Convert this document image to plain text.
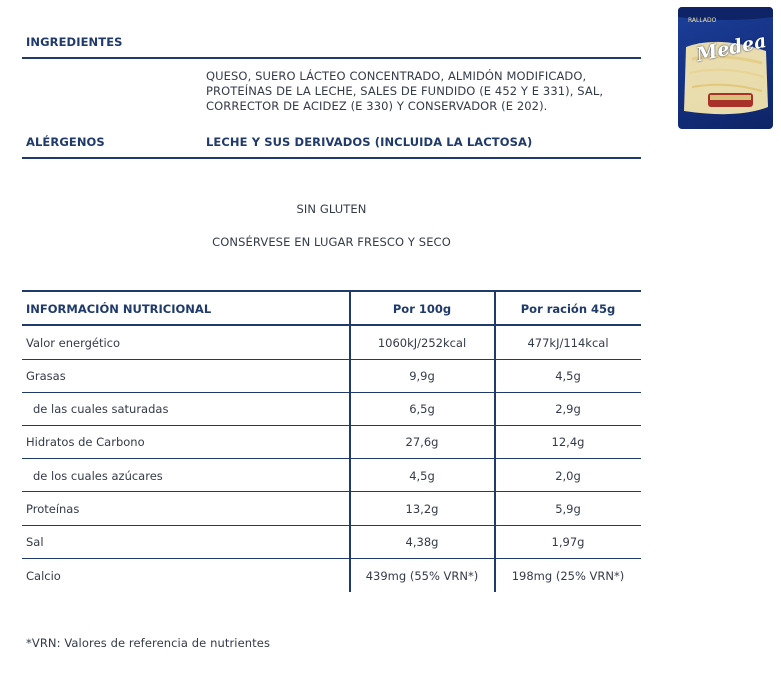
INGREDIENTES
QUESO, SUERO LÁCTEO CONCENTRADO, ALMIDÓN MODIFICADO,
PROTEÍNAS DE LA LECHE, SALES DE FUNDIDO (E 452 Y E 331), SAL,
CORRECTOR DE ACIDEZ (E 330) Y CONSERVADOR (E 202).
ALÉRGENOS	LECHE Y SUS DERIVADOS (INCLUIDA LA LACTOSA)
SIN GLUTEN
CONSÉRVESE EN LUGAR FRESCO Y SECO
RALLADO
Medea
INFORMACIÓN NUTRICIONAL	Por 100g	Por ración 45g
Valor energético	1060kJ/252kcal	477kJ/114kcal
Grasas	9,9g	4,5g
de las cuales saturadas	6,5g	2,9g
Hidratos de Carbono	27,6g	12,4g
de los cuales azúcares	4,5g	2,0g
Proteínas	13,2g	5,9g
Sal	4,38g	1,97g
Calcio	439mg (55% VRN*)	198mg (25% VRN*)
*VRN: Valores de referencia de nutrientes
